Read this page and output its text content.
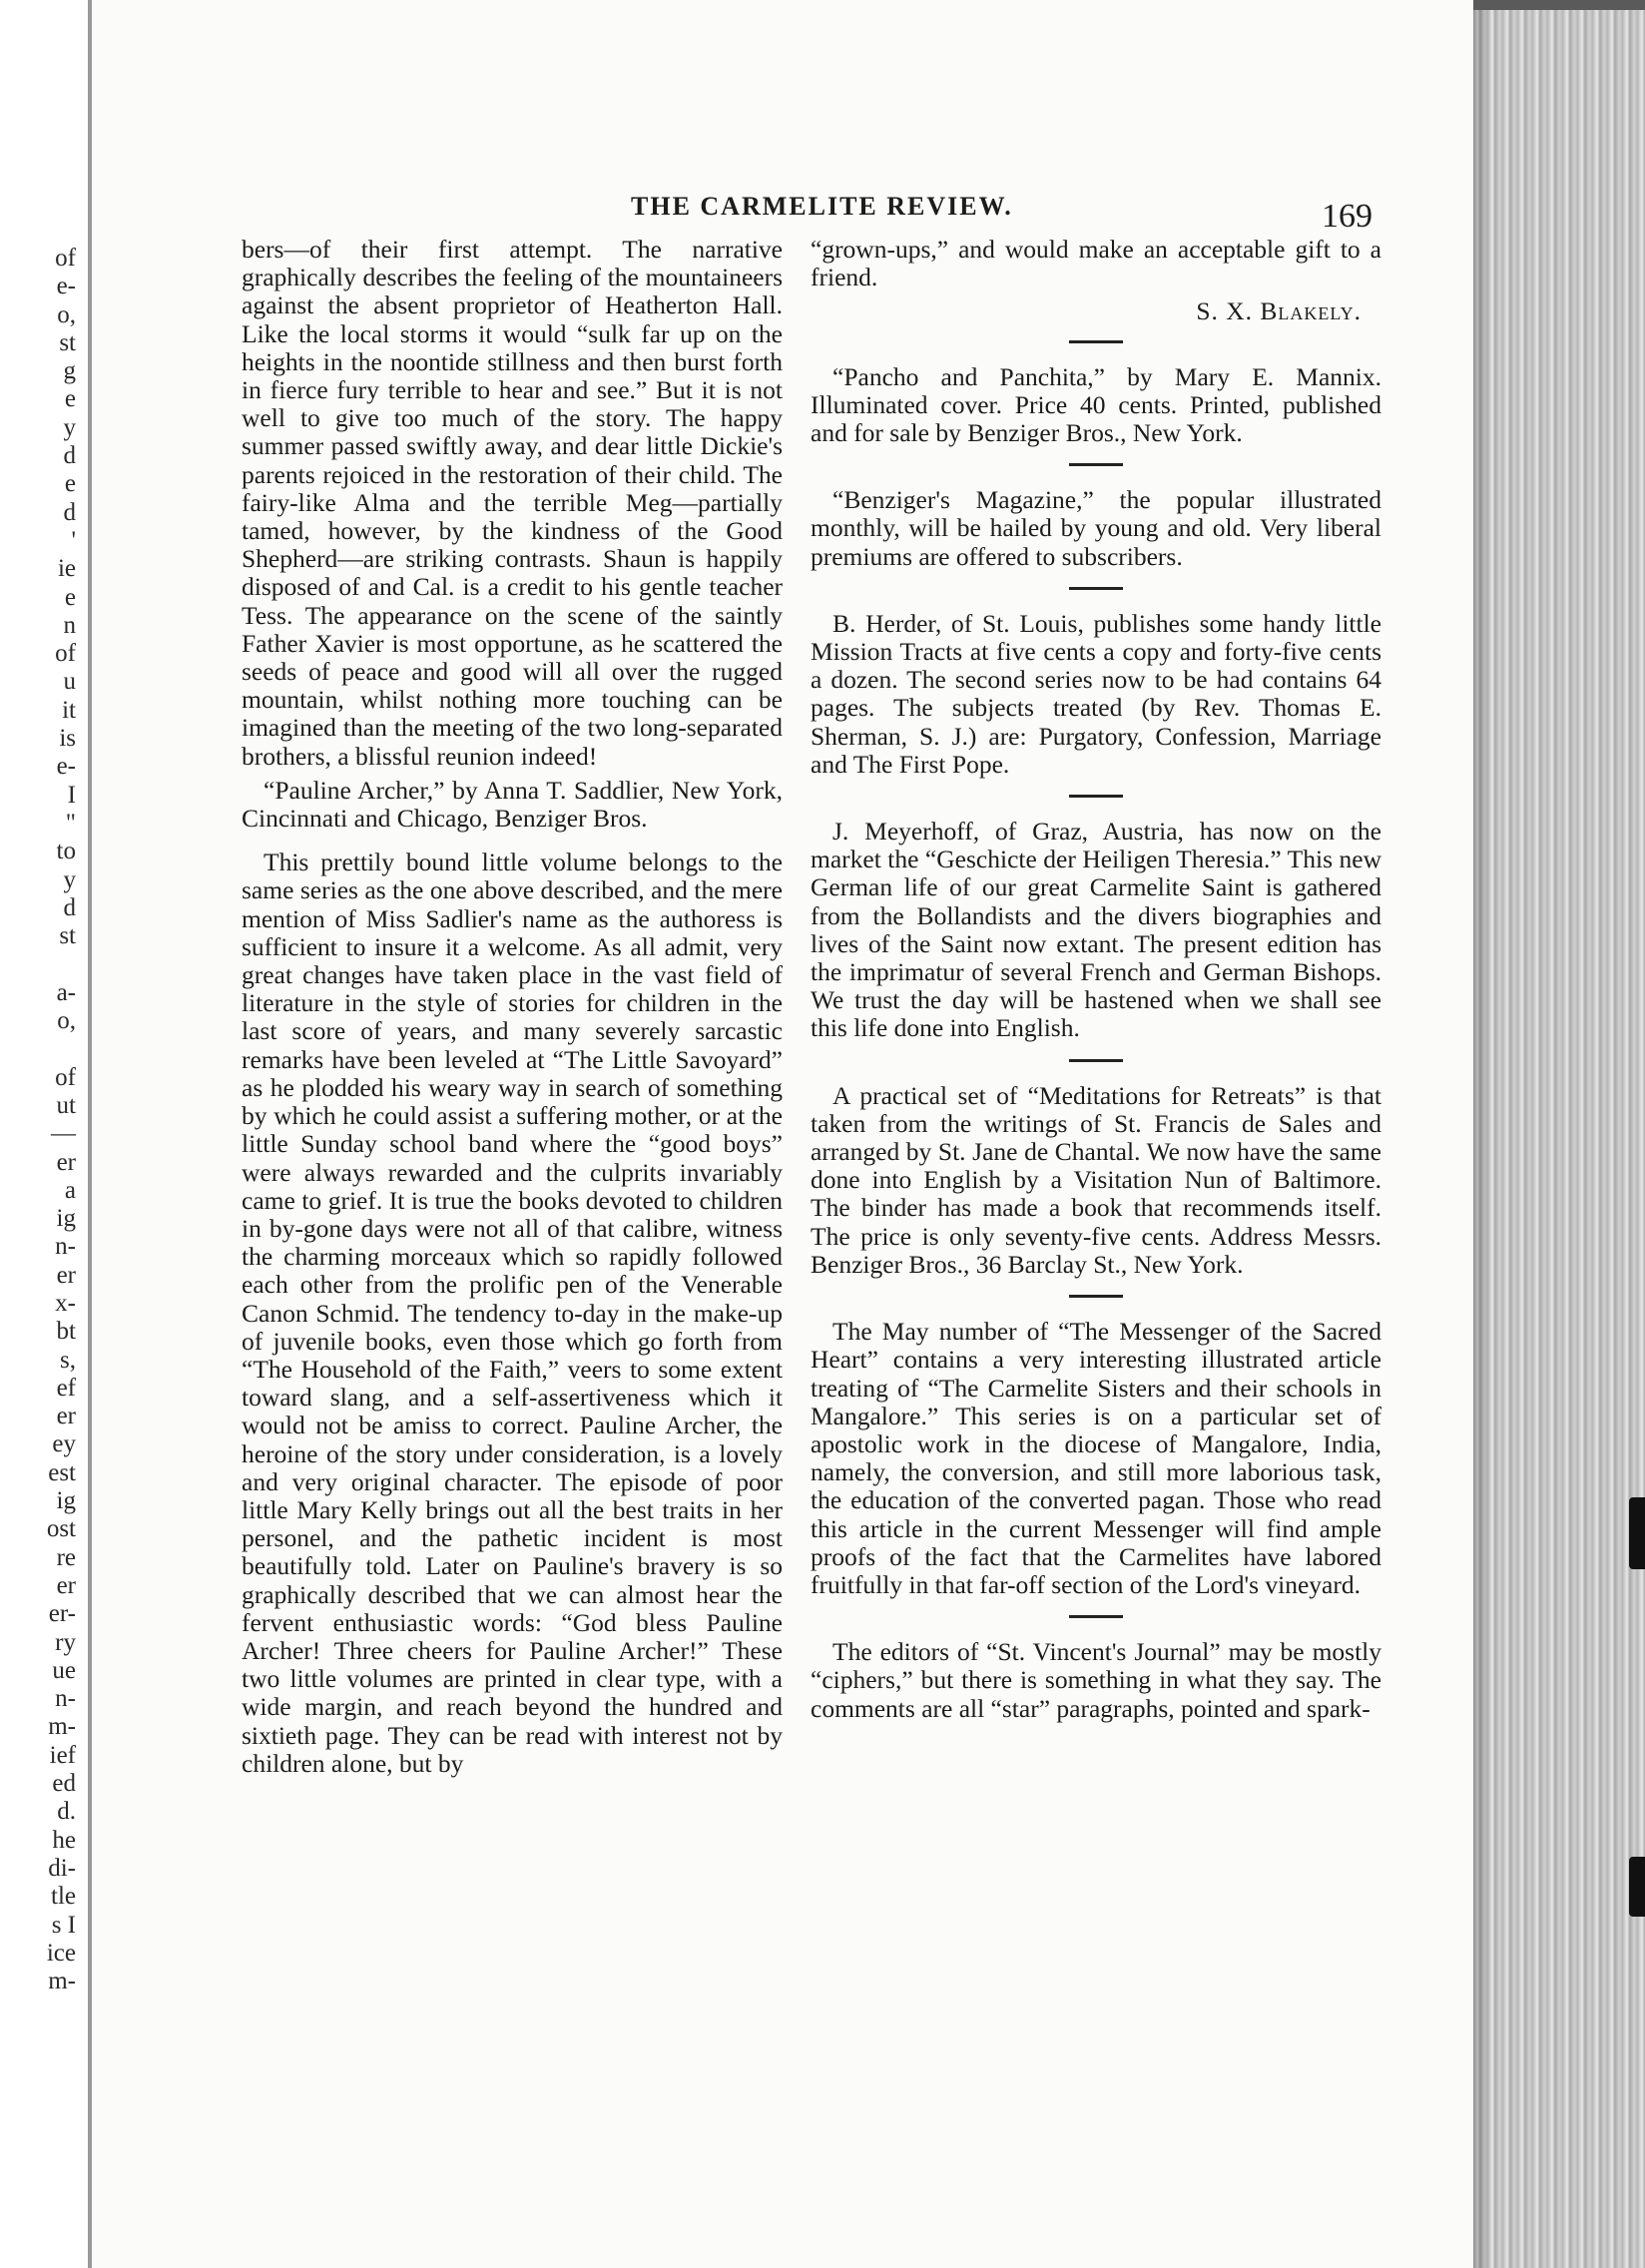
of
e-
o,
st
g
e
y
d
e
d
'
ie
e
n
of
u
it
is
e-
I
"
to
y
d
st
a-
o,
of
ut
—
er
a
ig
n-
er
x-
bt
s,
ef
er
ey
est
ig
ost
re
er
er-
ry
ue
n-
m-
ief
ed
d.
he
di-
tle
s I
ice
m-
THE CARMELITE REVIEW.	169

bers—of their first attempt. The narrative graphically describes the feeling of the mountaineers against the absent proprietor of Heatherton Hall. Like the local storms it would “sulk far up on the heights in the noontide stillness and then burst forth in fierce fury terrible to hear and see.” But it is not well to give too much of the story. The happy summer passed swiftly away, and dear little Dickie's parents rejoiced in the restoration of their child. The fairy-like Alma and the terrible Meg—partially tamed, however, by the kindness of the Good Shepherd—are striking contrasts. Shaun is happily disposed of and Cal. is a credit to his gentle teacher Tess. The appearance on the scene of the saintly Father Xavier is most opportune, as he scattered the seeds of peace and good will all over the rugged mountain, whilst nothing more touching can be imagined than the meeting of the two long-separated brothers, a blissful reunion indeed!

“Pauline Archer,” by Anna T. Saddlier, New York, Cincinnati and Chicago, Benziger Bros.

This prettily bound little volume belongs to the same series as the one above described, and the mere mention of Miss Sadlier's name as the authoress is sufficient to insure it a welcome. As all admit, very great changes have taken place in the vast field of literature in the style of stories for children in the last score of years, and many severely sarcastic remarks have been leveled at “The Little Savoyard” as he plodded his weary way in search of something by which he could assist a suffering mother, or at the little Sunday school band where the “good boys” were always rewarded and the culprits invariably came to grief. It is true the books devoted to children in by-gone days were not all of that calibre, witness the charming morceaux which so rapidly followed each other from the prolific pen of the Venerable Canon Schmid. The tendency to-day in the make-up of juvenile books, even those which go forth from “The Household of the Faith,” veers to some extent toward slang, and a self-assertiveness which it would not be amiss to correct. Pauline Archer, the heroine of the story under consideration, is a lovely and very original character. The episode of poor little Mary Kelly brings out all the best traits in her personel, and the pathetic incident is most beautifully told. Later on Pauline's bravery is so graphically described that we can almost hear the fervent enthusiastic words: “God bless Pauline Archer! Three cheers for Pauline Archer!” These two little volumes are printed in clear type, with a wide margin, and reach beyond the hundred and sixtieth page. They can be read with interest not by children alone, but by

“grown-ups,” and would make an acceptable gift to a friend.

S. X. Blakely.

“Pancho and Panchita,” by Mary E. Mannix. Illuminated cover. Price 40 cents. Printed, published and for sale by Benziger Bros., New York.

“Benziger's Magazine,” the popular illustrated monthly, will be hailed by young and old. Very liberal premiums are offered to subscribers.

B. Herder, of St. Louis, publishes some handy little Mission Tracts at five cents a copy and forty-five cents a dozen. The second series now to be had contains 64 pages. The subjects treated (by Rev. Thomas E. Sherman, S. J.) are: Purgatory, Confession, Marriage and The First Pope.

J. Meyerhoff, of Graz, Austria, has now on the market the “Geschicte der Heiligen Theresia.” This new German life of our great Carmelite Saint is gathered from the Bollandists and the divers biographies and lives of the Saint now extant. The present edition has the imprimatur of several French and German Bishops. We trust the day will be hastened when we shall see this life done into English.

A practical set of “Meditations for Retreats” is that taken from the writings of St. Francis de Sales and arranged by St. Jane de Chantal. We now have the same done into English by a Visitation Nun of Baltimore. The binder has made a book that recommends itself. The price is only seventy-five cents. Address Messrs. Benziger Bros., 36 Barclay St., New York.

The May number of “The Messenger of the Sacred Heart” contains a very interesting illustrated article treating of “The Carmelite Sisters and their schools in Mangalore.” This series is on a particular set of apostolic work in the diocese of Mangalore, India, namely, the conversion, and still more laborious task, the education of the converted pagan. Those who read this article in the current Messenger will find ample proofs of the fact that the Carmelites have labored fruitfully in that far-off section of the Lord's vineyard.

The editors of “St. Vincent's Journal” may be mostly “ciphers,” but there is something in what they say. The comments are all “star” paragraphs, pointed and spark-
